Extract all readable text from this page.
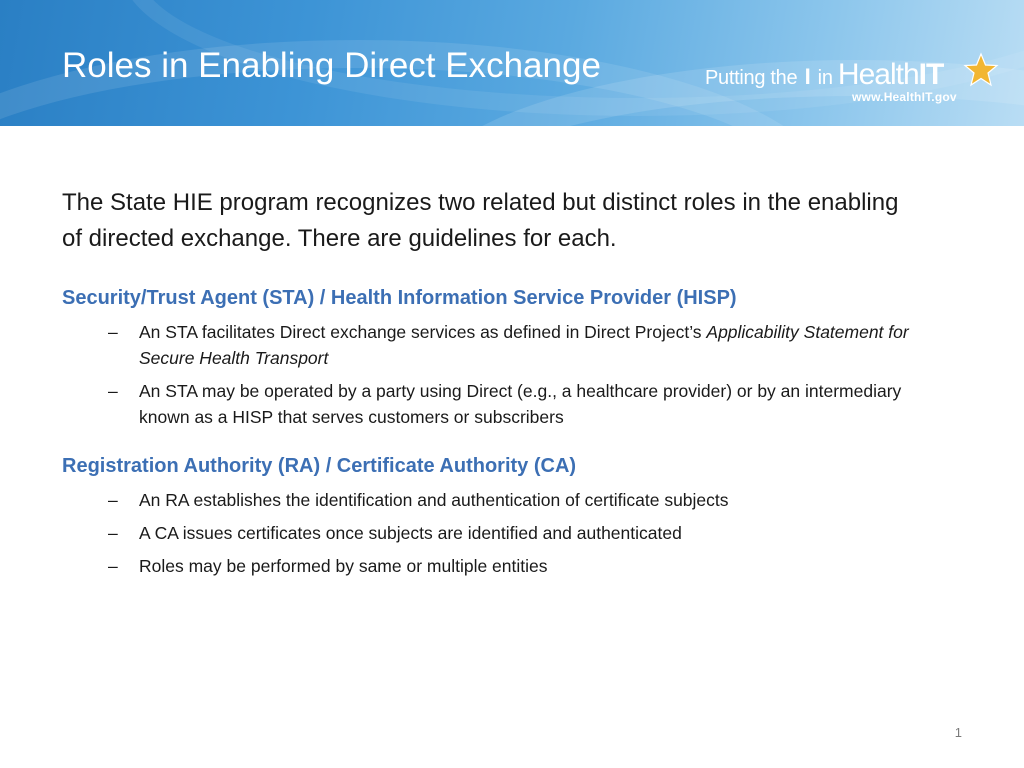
Roles in Enabling Direct Exchange	Putting the I in HealthIT
www.HealthIT.gov
The State HIE program recognizes two related but distinct roles in the enabling of directed exchange. There are guidelines for each.
Security/Trust Agent (STA) / Health Information Service Provider (HISP)
– An STA facilitates Direct exchange services as defined in Direct Project’s Applicability Statement for Secure Health Transport
– An STA may be operated by a party using Direct (e.g., a healthcare provider) or by an intermediary known as a HISP that serves customers or subscribers
Registration Authority (RA) / Certificate Authority (CA)
– An RA establishes the identification and authentication of certificate subjects
– A CA issues certificates once subjects are identified and authenticated
– Roles may be performed by same or multiple entities
1
